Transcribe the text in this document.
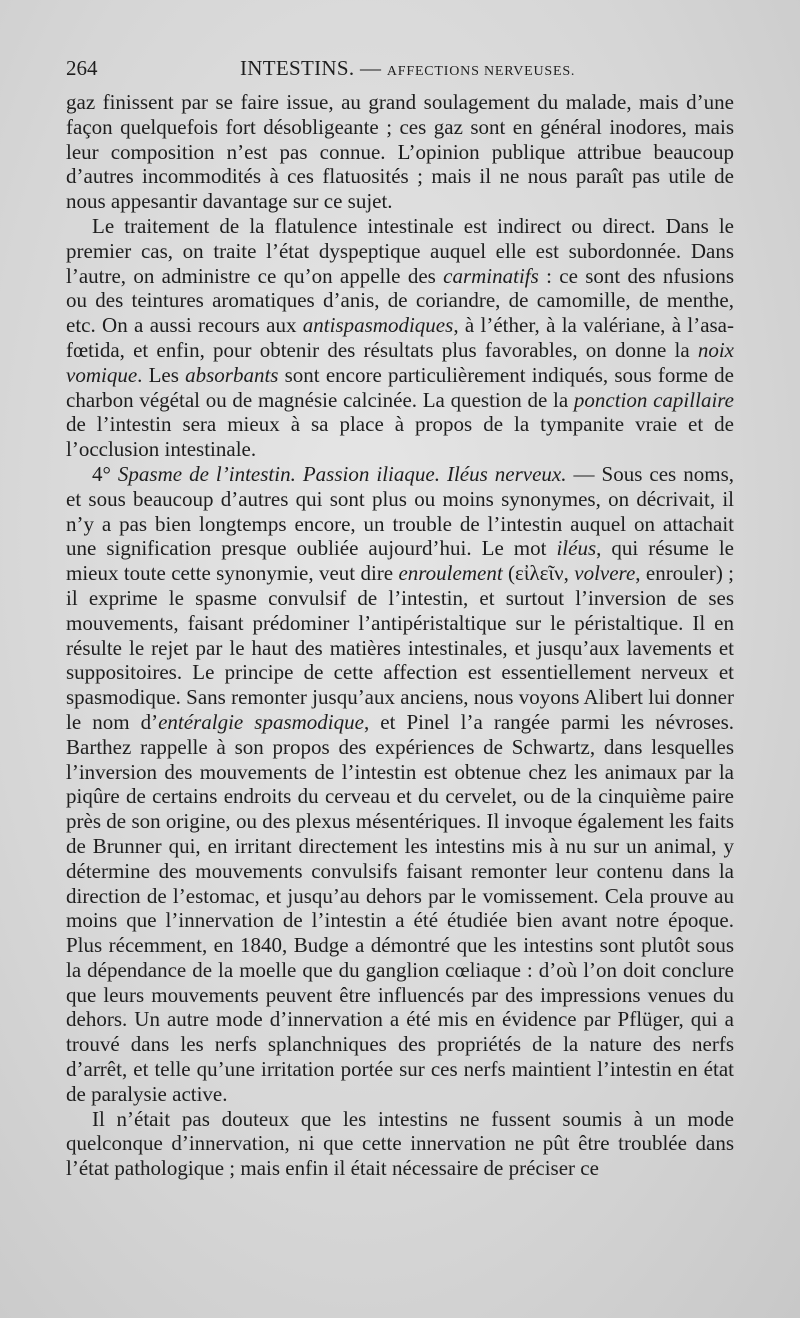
264	INTESTINS. — AFFECTIONS NERVEUSES.

gaz finissent par se faire issue, au grand soulagement du malade, mais d’une façon quelquefois fort désobligeante ; ces gaz sont en général inodores, mais leur composition n’est pas connue. L’opinion publique attribue beaucoup d’autres incommodités à ces flatuosités ; mais il ne nous paraît pas utile de nous appesantir davantage sur ce sujet.

Le traitement de la flatulence intestinale est indirect ou direct. Dans le premier cas, on traite l’état dyspeptique auquel elle est subordonnée. Dans l’autre, on administre ce qu’on appelle des carminatifs : ce sont des nfusions ou des teintures aromatiques d’anis, de coriandre, de camomille, de menthe, etc. On a aussi recours aux antispasmodiques, à l’éther, à la valériane, à l’asa-fœtida, et enfin, pour obtenir des résultats plus favorables, on donne la noix vomique. Les absorbants sont encore particulièrement indiqués, sous forme de charbon végétal ou de magnésie calcinée. La question de la ponction capillaire de l’intestin sera mieux à sa place à propos de la tympanite vraie et de l’occlusion intestinale.

4° Spasme de l’intestin. Passion iliaque. Iléus nerveux. — Sous ces noms, et sous beaucoup d’autres qui sont plus ou moins synonymes, on décrivait, il n’y a pas bien longtemps encore, un trouble de l’intestin auquel on attachait une signification presque oubliée aujourd’hui. Le mot iléus, qui résume le mieux toute cette synonymie, veut dire enroulement (εἰλεῖν, volvere, enrouler) ; il exprime le spasme convulsif de l’intestin, et surtout l’inversion de ses mouvements, faisant prédominer l’antipéristaltique sur le péristaltique. Il en résulte le rejet par le haut des matières intestinales, et jusqu’aux lavements et suppositoires. Le principe de cette affection est essentiellement nerveux et spasmodique. Sans remonter jusqu’aux anciens, nous voyons Alibert lui donner le nom d’entéralgie spasmodique, et Pinel l’a rangée parmi les névroses. Barthez rappelle à son propos des expériences de Schwartz, dans lesquelles l’inversion des mouvements de l’intestin est obtenue chez les animaux par la piqûre de certains endroits du cerveau et du cervelet, ou de la cinquième paire près de son origine, ou des plexus mésentériques. Il invoque également les faits de Brunner qui, en irritant directement les intestins mis à nu sur un animal, y détermine des mouvements convulsifs faisant remonter leur contenu dans la direction de l’estomac, et jusqu’au dehors par le vomissement. Cela prouve au moins que l’innervation de l’intestin a été étudiée bien avant notre époque. Plus récemment, en 1840, Budge a démontré que les intestins sont plutôt sous la dépendance de la moelle que du ganglion cœliaque : d’où l’on doit conclure que leurs mouvements peuvent être influencés par des impressions venues du dehors. Un autre mode d’innervation a été mis en évidence par Pflüger, qui a trouvé dans les nerfs splanchniques des propriétés de la nature des nerfs d’arrêt, et telle qu’une irritation portée sur ces nerfs maintient l’intestin en état de paralysie active.

Il n’était pas douteux que les intestins ne fussent soumis à un mode quelconque d’innervation, ni que cette innervation ne pût être troublée dans l’état pathologique ; mais enfin il était nécessaire de préciser ce
